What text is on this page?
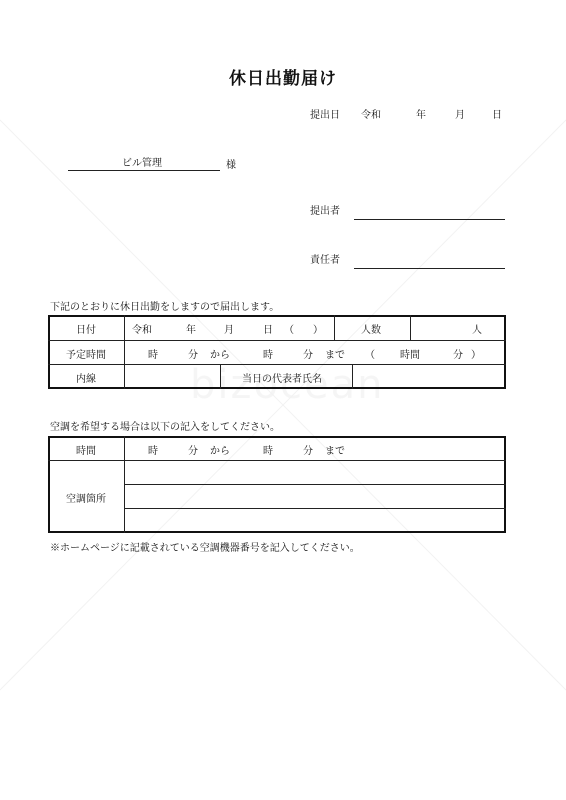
休日出勤届け
提出日 令和	年	月	日
ビル管理	様
提出者
責任者
下記のとおりに休日出勤をしますので届出します。
日付	令和	年	月	日 （ ）	人数	人
予定時間	時	分 から	時	分 まで （	時間	分 ）
内線	当日の代表者氏名
空調を希望する場合は以下の記入をしてください。
時間	時	分 から	時	分 まで
空調箇所
※ホームページに記載されている空調機器番号を記入してください。
